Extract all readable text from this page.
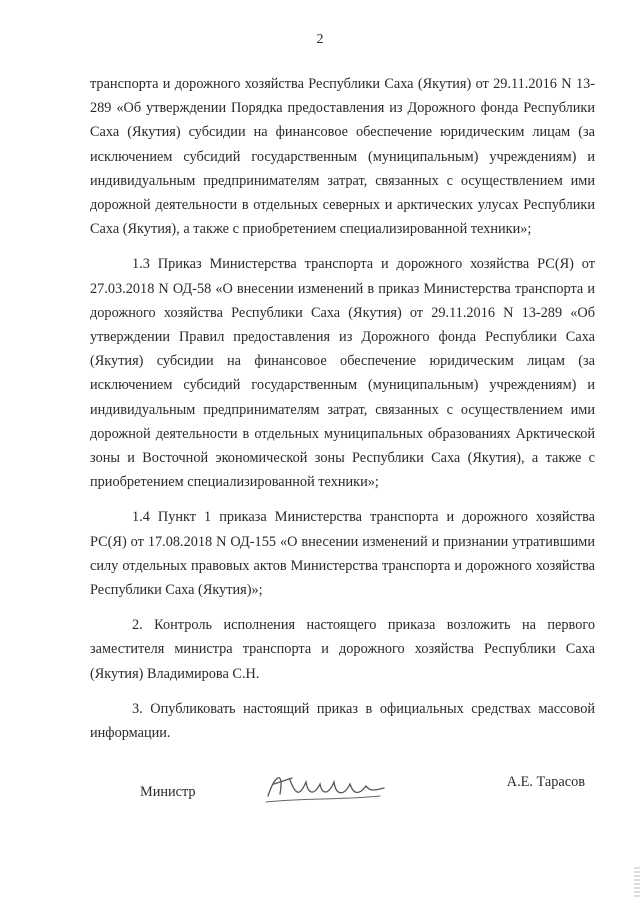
2

транспорта и дорожного хозяйства Республики Саха (Якутия) от 29.11.2016 N 13-289 «Об утверждении Порядка предоставления из Дорожного фонда Республики Саха (Якутия) субсидии на финансовое обеспечение юридическим лицам (за исключением субсидий государственным (муниципальным) учреждениям) и индивидуальным предпринимателям затрат, связанных с осуществлением ими дорожной деятельности в отдельных северных и арктических улусах Республики Саха (Якутия), а также с приобретением специализированной техники»;

1.3 Приказ Министерства транспорта и дорожного хозяйства РС(Я) от 27.03.2018 N ОД-58 «О внесении изменений в приказ Министерства транспорта и дорожного хозяйства Республики Саха (Якутия) от 29.11.2016 N 13-289 «Об утверждении Правил предоставления из Дорожного фонда Республики Саха (Якутия) субсидии на финансовое обеспечение юридическим лицам (за исключением субсидий государственным (муниципальным) учреждениям) и индивидуальным предпринимателям затрат, связанных с осуществлением ими дорожной деятельности в отдельных муниципальных образованиях Арктической зоны и Восточной экономической зоны Республики Саха (Якутия), а также с приобретением специализированной техники»;

1.4 Пункт 1 приказа Министерства транспорта и дорожного хозяйства РС(Я) от 17.08.2018 N ОД-155 «О внесении изменений и признании утратившими силу отдельных правовых актов Министерства транспорта и дорожного хозяйства Республики Саха (Якутия)»;

2. Контроль исполнения настоящего приказа возложить на первого заместителя министра транспорта и дорожного хозяйства Республики Саха (Якутия) Владимирова С.Н.

3. Опубликовать настоящий приказ в официальных средствах массовой информации.

Министр
А.Е. Тарасов
